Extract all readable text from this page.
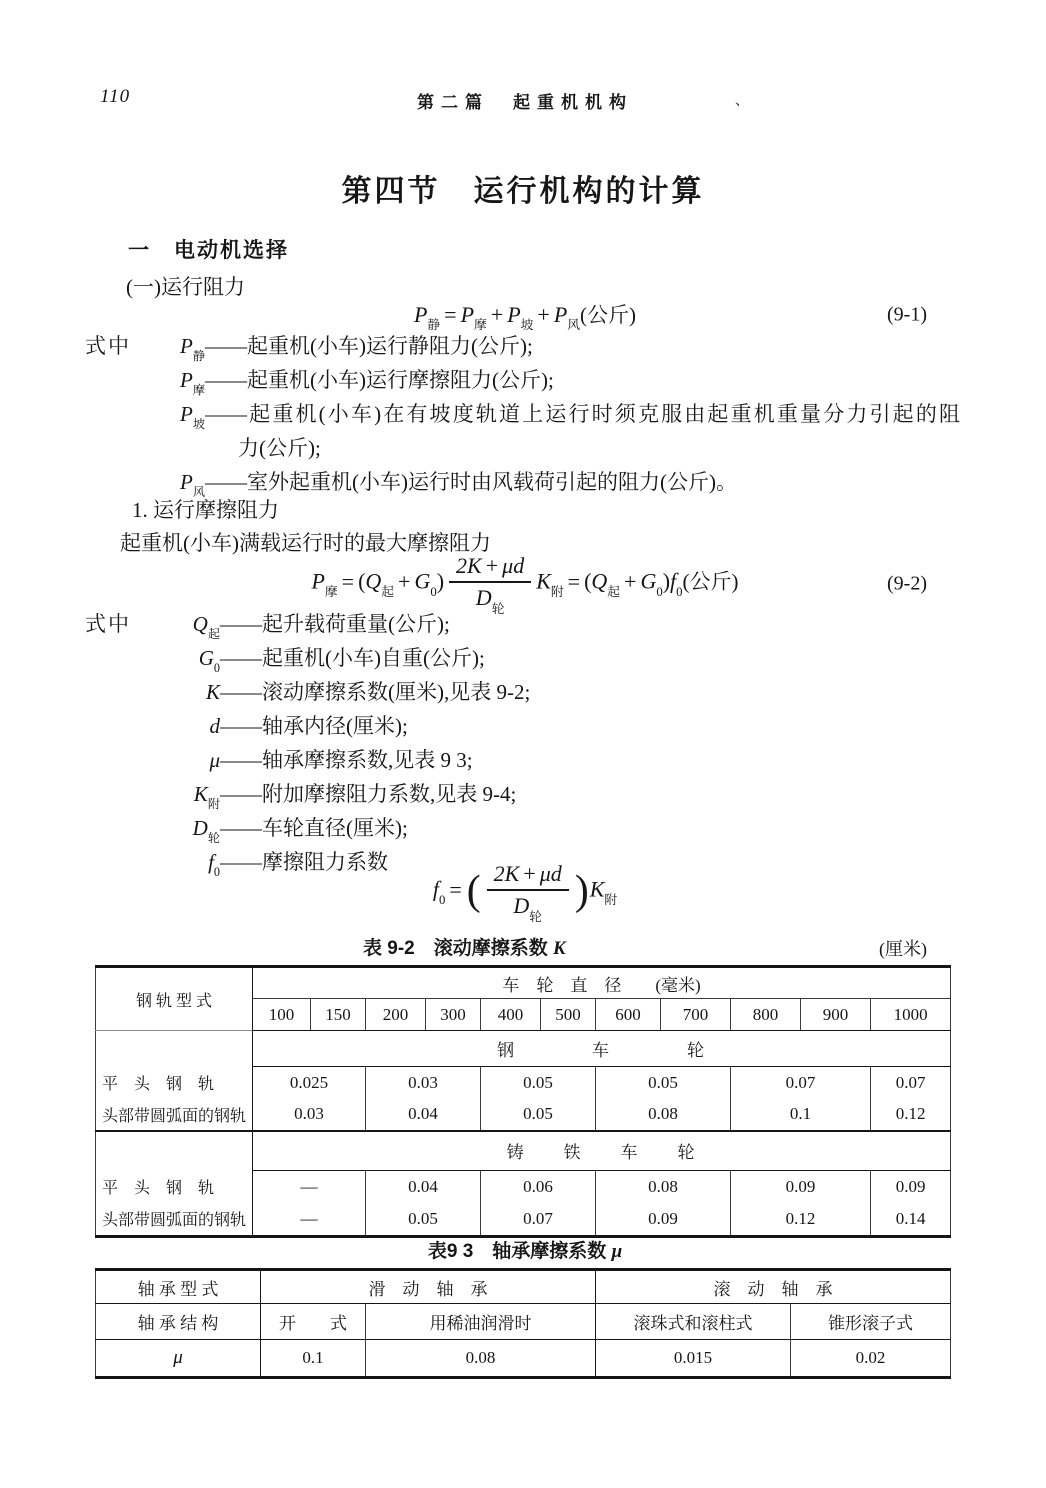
110	第二篇　起重机机构	、
第四节　运行机构的计算
一　电动机选择
(一)运行阻力
$P_静 = P_摩 + P_坡 + P_风$(公斤)	(9-1)
式中	$P_静$ ——起重机(小车)运行静阻力(公斤);
$P_摩$ ——起重机(小车)运行摩擦阻力(公斤);
$P_坡$ ——起重机(小车)在有坡度轨道上运行时须克服由起重机重量分力引起的阻
力(公斤);
$P_风$ ——室外起重机(小车)运行时由风载荷引起的阻力(公斤)。
1. 运行摩擦阻力
起重机(小车)满载运行时的最大摩擦阻力
$P_摩 = (Q_起 + G_0) \frac{2K + \mu d}{D_轮} K_附 = (Q_起 + G_0)f_0$(公斤)	(9-2)
式中	$Q_起$ ——起升载荷重量(公斤);
$G_0$ ——起重机(小车)自重(公斤);
K ——滚动摩擦系数(厘米),见表 9-2;
d ——轴承内径(厘米);
μ ——轴承摩擦系数,见表 9 3;
$K_附$ ——附加摩擦阻力系数,见表 9-4;
$D_轮$ ——车轮直径(厘米);
$f_0$ ——摩擦阻力系数
$f_0$ = ( $\frac{2K + \mu d}{D_轮} )K_附$
表 9-2　滚动摩擦系数 K	(厘米)
钢 轨 型 式	车　轮　直　径　　(毫米)										
	100	150	200	300	400	500	600	700	800	900	1000
	钢　　　　车　　　　轮										
平　头　钢　轨	0.025		0.03		0.05		0.05		0.07		0.07
头部带圆弧面的钢轨	0.03		0.04		0.05		0.08		0.1		0.12
	铸　　铁　　车　　轮										
平　头　钢　轨	—		0.04		0.06		0.08		0.09		0.09
头部带圆弧面的钢轨	—		0.05		0.07		0.09		0.12		0.14
表9 3　轴承摩擦系数 μ
轴 承 型 式	滑　动　轴　承		滚　动　轴　承	
轴 承 结 构	开　　式	用稀油润滑时	滚珠式和滚柱式	锥形滚子式
μ	0.1	0.08	0.015	0.02
